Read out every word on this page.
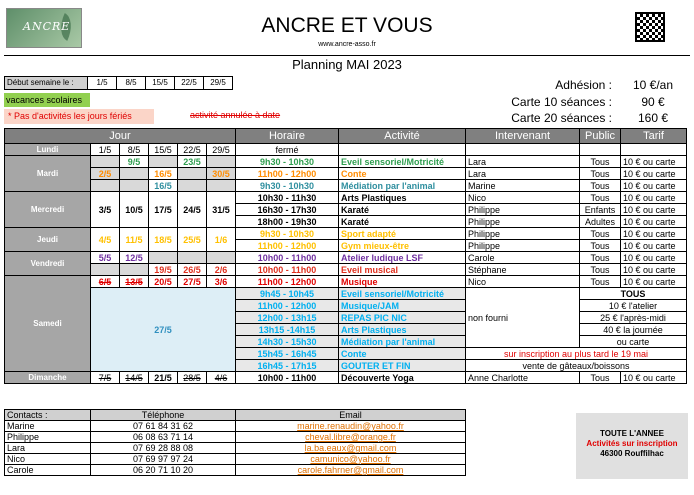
ANCRE	ANCRE ET VOUS
www.ancre-asso.fr
Planning MAI 2023
Début semaine le :	1/5	8/5	15/5	22/5	29/5
vacances scolaires
* Pas d'activités les jours fériés	activité annulée à date
Adhésion :	10 €/an
Carte 10 séances :	90 €
Carte 20 séances :	160 €
Jour						Horaire	Activité	Intervenant	Public	Tarif
Lundi	1/5	8/5	15/5	22/5	29/5	fermé				
Mardi		9/5		23/5		9h30 - 10h30	Eveil sensoriel/Motricité	Lara	Tous	10 € ou carte
	2/5		16/5		30/5	11h00 - 12h00	Conte	Lara	Tous	10 € ou carte
			16/5			9h30 - 10h30	Médiation par l'animal	Marine	Tous	10 € ou carte
Mercredi	3/5	10/5	17/5	24/5	31/5	10h30 - 11h30	Arts Plastiques	Nico	Tous	10 € ou carte
						16h30 - 17h30	Karaté	Philippe	Enfants	10 € ou carte
						18h00 - 19h30	Karaté	Philippe	Adultes	10 € ou carte
Jeudi	4/5	11/5	18/5	25/5	1/6	9h30 - 10h30	Sport adapté	Philippe	Tous	10 € ou carte
						11h00 - 12h00	Gym mieux-être	Philippe	Tous	10 € ou carte
Vendredi	5/5	12/5				10h00 - 11h00	Atelier ludique LSF	Carole	Tous	10 € ou carte
			19/5	26/5	2/6	10h00 - 11h00	Eveil musical	Stéphane	Tous	10 € ou carte
Samedi	6/5	13/5	20/5	27/5	3/6	11h00 - 12h00	Musique	Nico	Tous	10 € ou carte
	27/5					9h45 - 10h45	Eveil sensoriel/Motricité	non fourni	TOUS	
						11h00 - 12h00	Musique/JAM		10 € l'atelier	
						12h00 - 13h15	REPAS PIC NIC		25 € l'après-midi	
						13h15 -14h15	Arts Plastiques		40 € la journée	
						14h30 - 15h30	Médiation par l'animal		ou carte	
						15h45 - 16h45	Conte	sur inscription au plus tard le 19 mai		
						16h45 - 17h15	GOUTER ET FIN	vente de gâteaux/boissons		
Dimanche	7/5	14/5	21/5	28/5	4/6	10h00 - 11h00	Découverte Yoga	Anne Charlotte	Tous	10 € ou carte
Contacts :	Téléphone	Email
Marine	07 61 84 31 62	marine.renaudin@yahoo.fr
Philippe	06 08 63 71 14	cheval.libre@orange.fr
Lara	07 69 28 88 08	la.ba.eaux@gmail.com
Nico	07 69 97 97 24	camunico@yahoo.fr
Carole	06 20 71 10 20	carole.fahrner@gmail.com
TOUTE L'ANNEE
Activités sur inscription
46300 Rouffilhac
